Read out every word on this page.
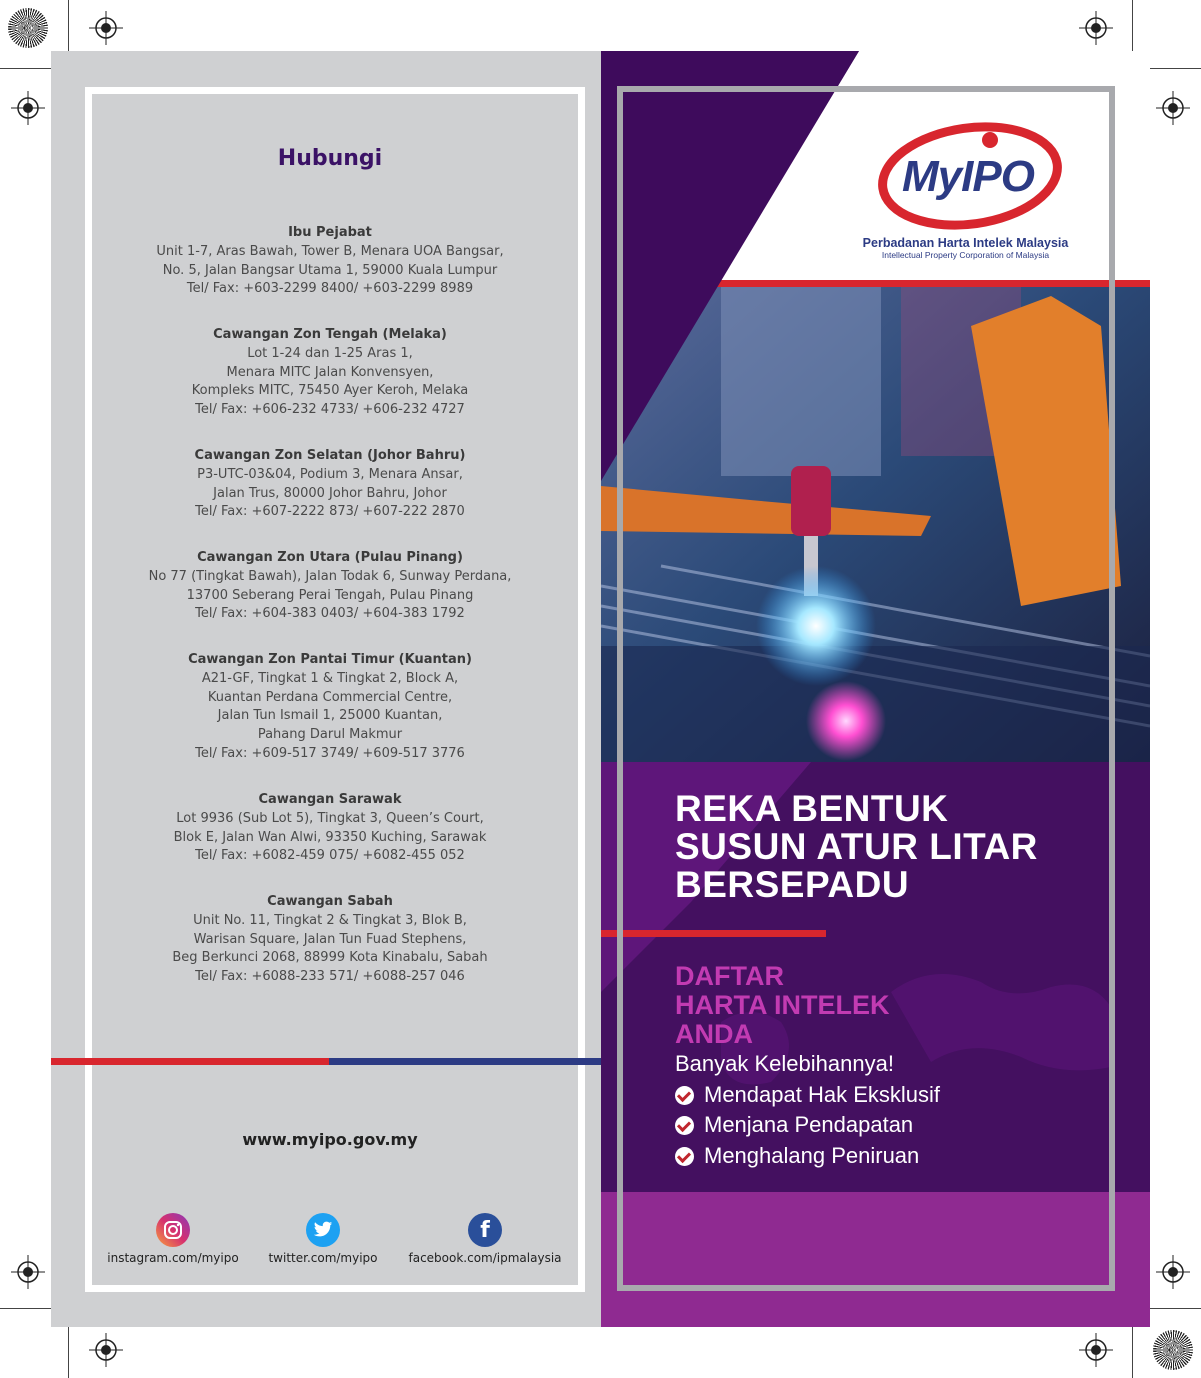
Hubungi
Ibu Pejabat
Unit 1-7, Aras Bawah, Tower B, Menara UOA Bangsar,
No. 5, Jalan Bangsar Utama 1, 59000 Kuala Lumpur
Tel/ Fax: +603-2299 8400/ +603-2299 8989
Cawangan Zon Tengah (Melaka)
Lot 1-24 dan 1-25 Aras 1,
Menara MITC Jalan Konvensyen,
Kompleks MITC, 75450 Ayer Keroh, Melaka
Tel/ Fax: +606-232 4733/ +606-232 4727
Cawangan Zon Selatan (Johor Bahru)
P3-UTC-03&04, Podium 3, Menara Ansar,
Jalan Trus, 80000 Johor Bahru, Johor
Tel/ Fax: +607-2222 873/ +607-222 2870
Cawangan Zon Utara (Pulau Pinang)
No 77 (Tingkat Bawah), Jalan Todak 6, Sunway Perdana,
13700 Seberang Perai Tengah, Pulau Pinang
Tel/ Fax: +604-383 0403/ +604-383 1792
Cawangan Zon Pantai Timur (Kuantan)
A21-GF, Tingkat 1 & Tingkat 2, Block A,
Kuantan Perdana Commercial Centre,
Jalan Tun Ismail 1, 25000 Kuantan,
Pahang Darul Makmur
Tel/ Fax: +609-517 3749/ +609-517 3776
Cawangan Sarawak
Lot 9936 (Sub Lot 5), Tingkat 3, Queen’s Court,
Blok E, Jalan Wan Alwi, 93350 Kuching, Sarawak
Tel/ Fax: +6082-459 075/ +6082-455 052
Cawangan Sabah
Unit No. 11, Tingkat 2 & Tingkat 3, Blok B,
Warisan Square, Jalan Tun Fuad Stephens,
Beg Berkunci 2068, 88999 Kota Kinabalu, Sabah
Tel/ Fax: +6088-233 571/ +6088-257 046
www.myipo.gov.my
instagram.com/myipo	twitter.com/myipo
f
facebook.com/ipmalaysia
MyIPO
Perbadanan Harta Intelek Malaysia
Intellectual Property Corporation of Malaysia
REKA BENTUK
SUSUN ATUR LITAR
BERSEPADU
DAFTAR
HARTA INTELEK
ANDA
Banyak Kelebihannya!
Mendapat Hak Eksklusif
Menjana Pendapatan
Menghalang Peniruan
